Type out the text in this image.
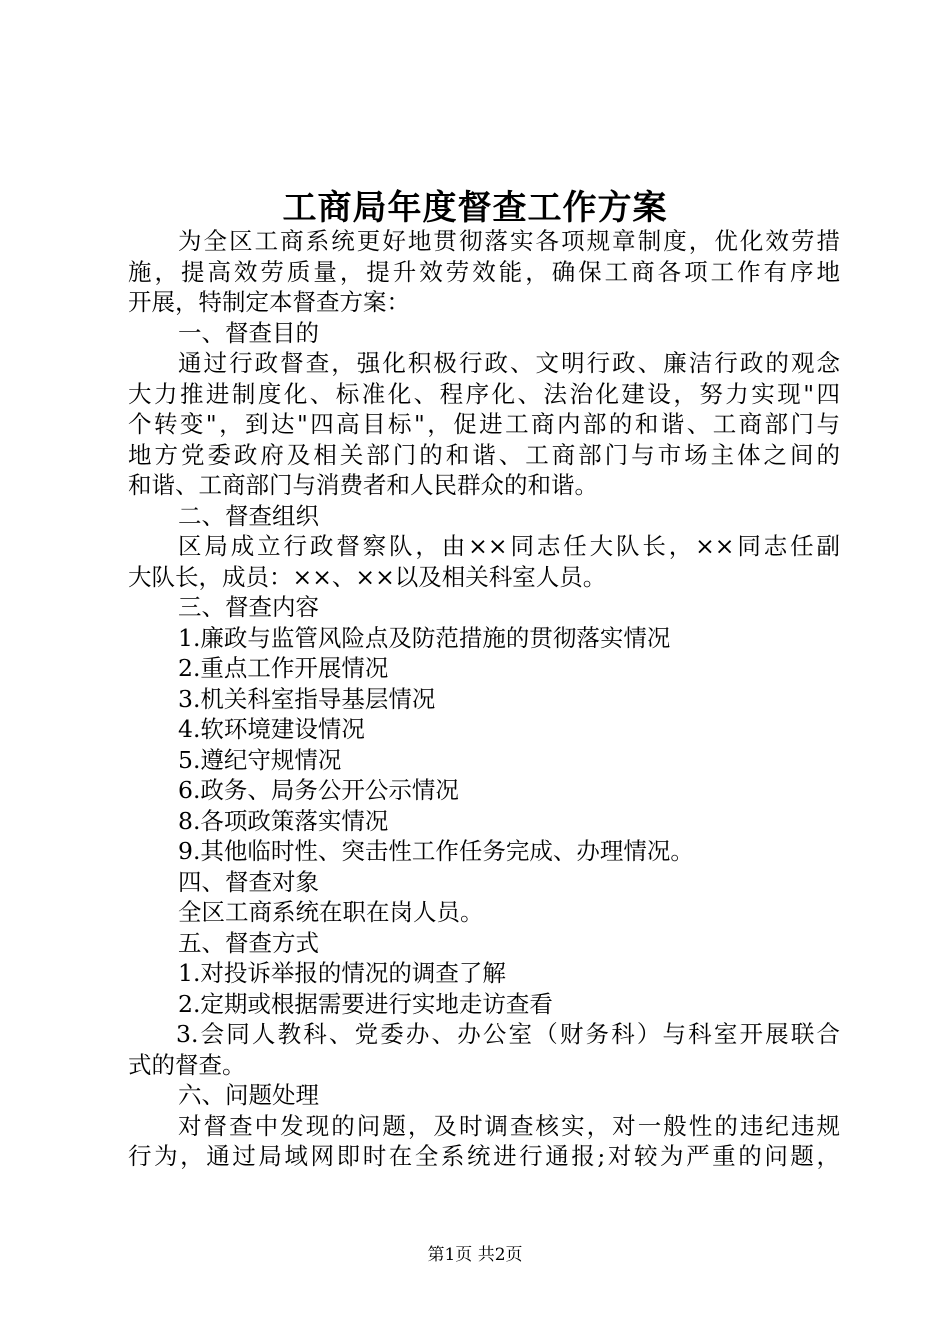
工商局年度督查工作方案
为全区工商系统更好地贯彻落实各项规章制度，优化效劳措
施，提高效劳质量，提升效劳效能，确保工商各项工作有序地
开展，特制定本督查方案：
一、督查目的
通过行政督查，强化积极行政、文明行政、廉洁行政的观念
大力推进制度化、标准化、程序化、法治化建设，努力实现"四
个转变"，到达"四高目标"，促进工商内部的和谐、工商部门与
地方党委政府及相关部门的和谐、工商部门与市场主体之间的
和谐、工商部门与消费者和人民群众的和谐。
二、督查组织
区局成立行政督察队，由××同志任大队长，××同志任副
大队长，成员：××、××以及相关科室人员。
三、督查内容
1.廉政与监管风险点及防范措施的贯彻落实情况
2.重点工作开展情况
3.机关科室指导基层情况
4.软环境建设情况
5.遵纪守规情况
6.政务、局务公开公示情况
8.各项政策落实情况
9.其他临时性、突击性工作任务完成、办理情况。
四、督查对象
全区工商系统在职在岗人员。
五、督查方式
1.对投诉举报的情况的调查了解
2.定期或根据需要进行实地走访查看
3.会同人教科、党委办、办公室（财务科）与科室开展联合
式的督查。
六、问题处理
对督查中发现的问题，及时调查核实，对一般性的违纪违规
行为，通过局域网即时在全系统进行通报;对较为严重的问题，
第1页 共2页
